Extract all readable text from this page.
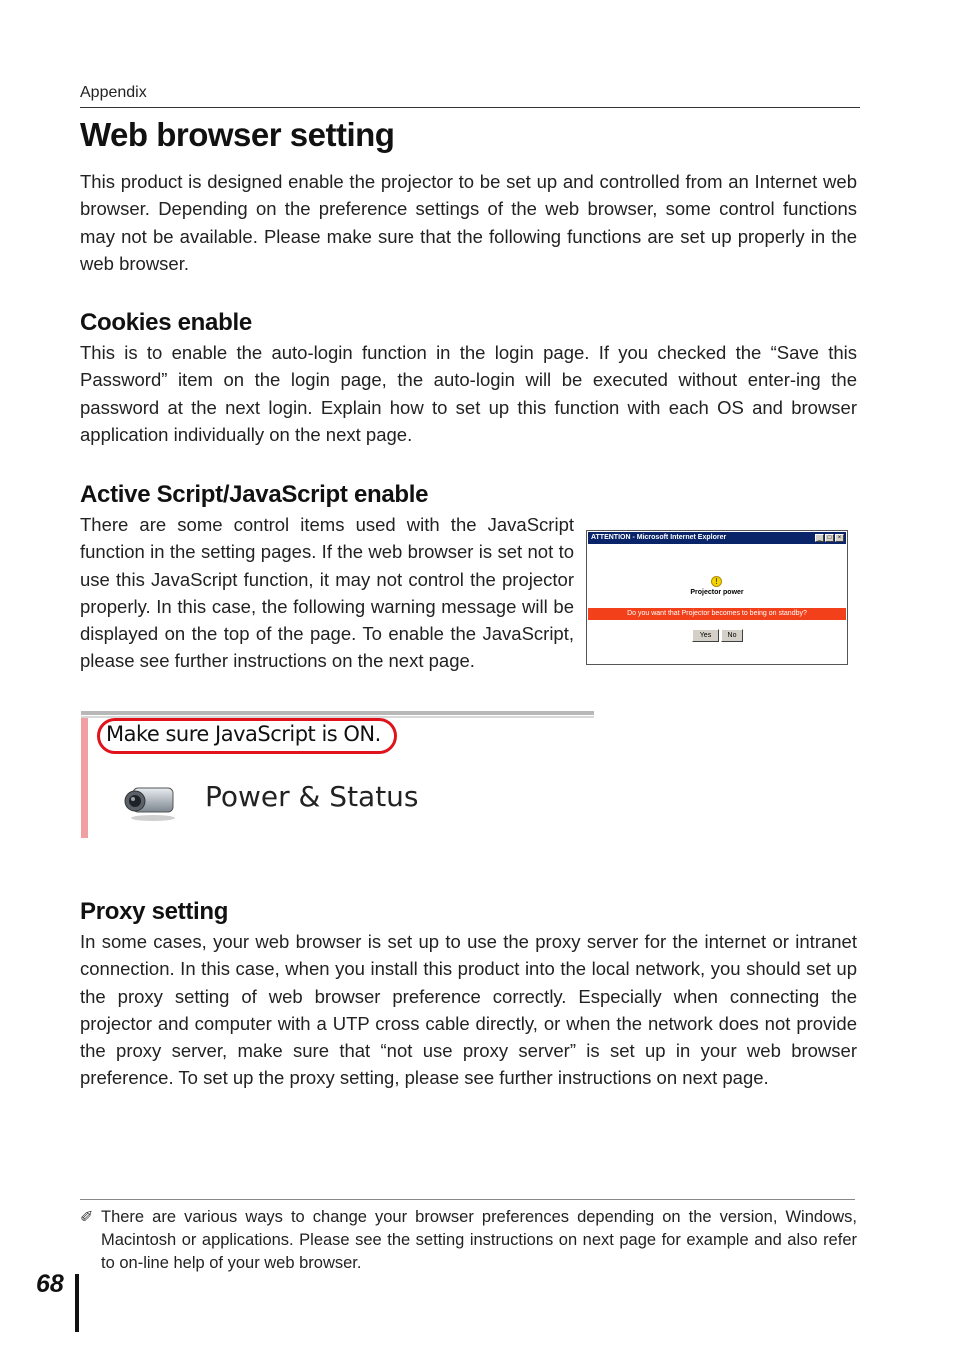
Appendix
Web browser setting

This product is designed enable the projector to be set up and controlled from an Internet web browser. Depending on the preference settings of the web browser, some control functions may not be available. Please make sure that the following functions are set up properly in the web browser.

Cookies enable

This is to enable the auto-login function in the login page. If you checked the “Save this Password” item on the login page, the auto-login will be executed without enter-ing the password at the next login. Explain how to set up this function with each OS and browser application individually on the next page.

Active Script/JavaScript enable

There are some control items used with the JavaScript function in the setting pages. If the web browser is set not to use this JavaScript function, it may not control the projector properly. In this case, the following warning message will be displayed on the top of the page. To enable the JavaScript, please see further instructions on the next page.

ATTENTION - Microsoft Internet Explorer	_	□	×
!
Projector power
Do you want that Projector becomes to being on standby?
Yes	No
Make sure JavaScript is ON.
Power & Status
Proxy setting

In some cases, your web browser is set up to use the proxy server for the internet or intranet connection. In this case, when you install this product into the local network, you should set up the proxy setting of web browser preference correctly. Especially when connecting the projector and computer with a UTP cross cable directly, or when the network does not provide the proxy server, make sure that “not use proxy server” is set up in your web browser preference. To set up the proxy setting, please see further instructions on next page.

✐ There are various ways to change your browser preferences depending on the version, Windows, Macintosh or applications. Please see the setting instructions on next page for example and also refer to on-line help of your web browser.

68
